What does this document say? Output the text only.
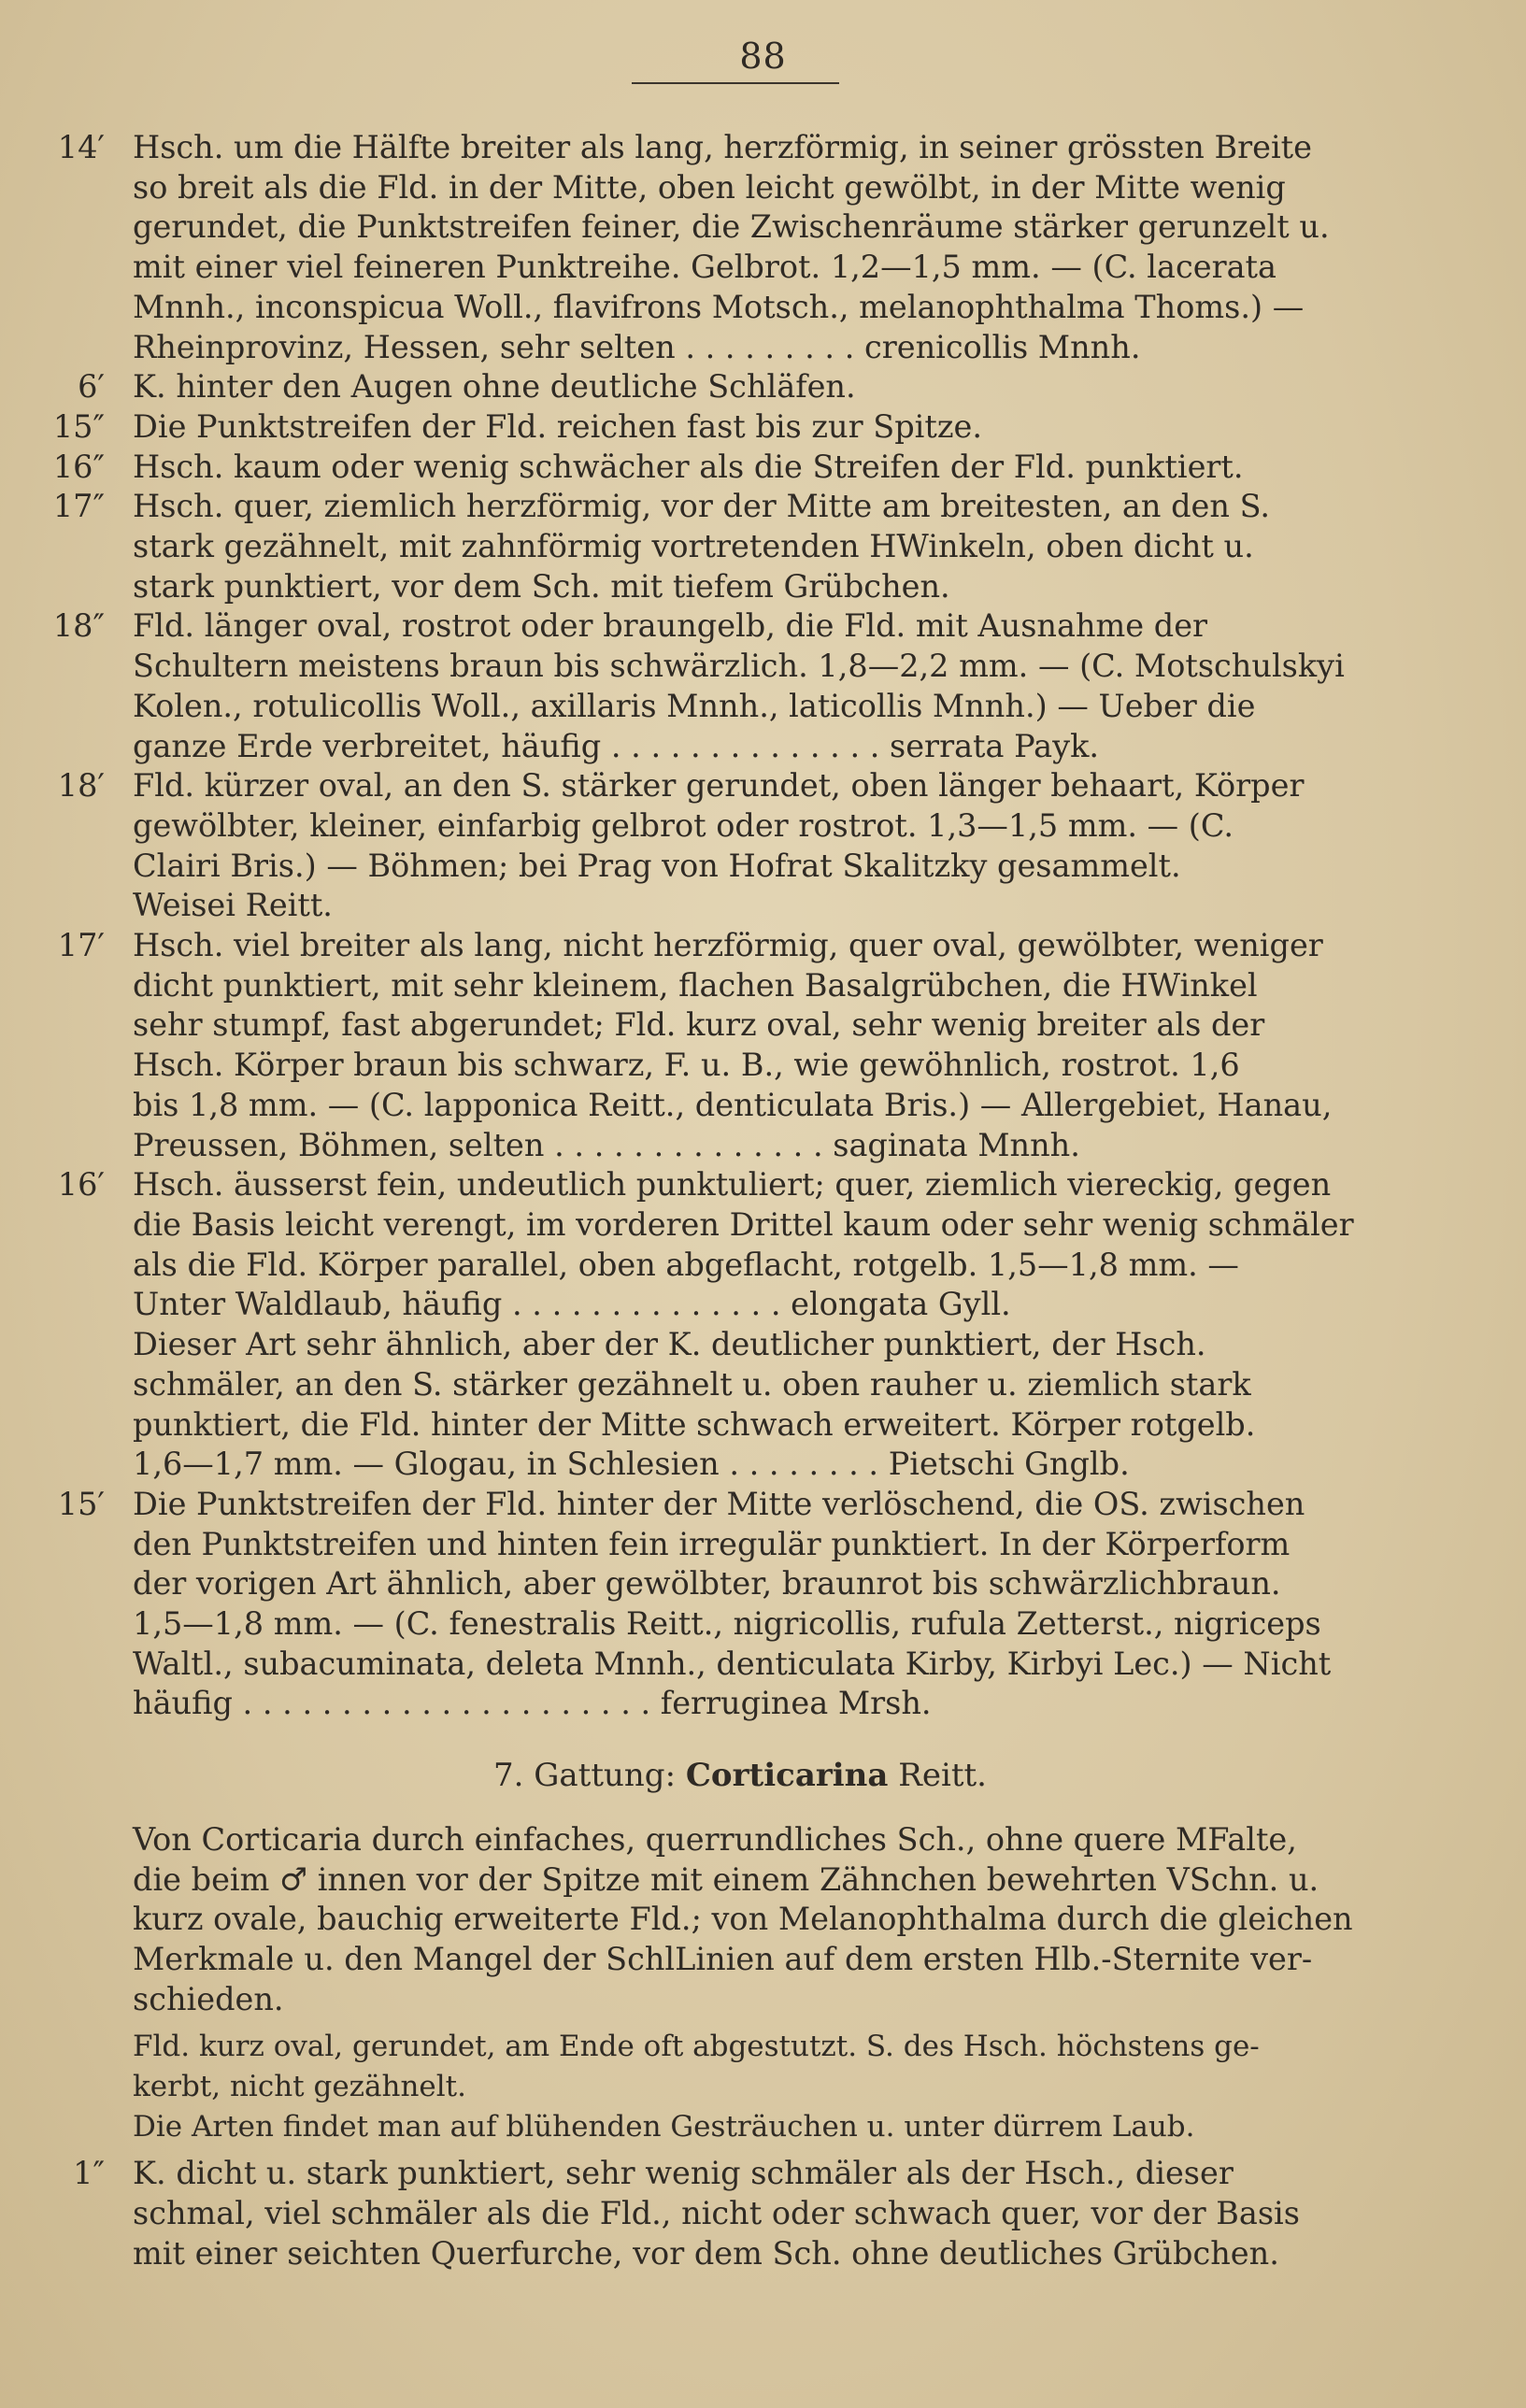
88
14′ Hsch. um die Hälfte breiter als lang, herzförmig, in seiner grössten Breite
so breit als die Fld. in der Mitte, oben leicht gewölbt, in der Mitte wenig
gerundet, die Punktstreifen feiner, die Zwischenräume stärker gerunzelt u.
mit einer viel feineren Punktreihe. Gelbrot. 1,2—1,5 mm. — (C. lacerata
Mnnh., inconspicua Woll., flavifrons Motsch., melanophthalma Thoms.) —
Rheinprovinz, Hessen, sehr selten . . . . . . . . . crenicollis Mnnh.
6′ K. hinter den Augen ohne deutliche Schläfen.
15″ Die Punktstreifen der Fld. reichen fast bis zur Spitze.
16″ Hsch. kaum oder wenig schwächer als die Streifen der Fld. punktiert.
17″ Hsch. quer, ziemlich herzförmig, vor der Mitte am breitesten, an den S.
stark gezähnelt, mit zahnförmig vortretenden HWinkeln, oben dicht u.
stark punktiert, vor dem Sch. mit tiefem Grübchen.
18″ Fld. länger oval, rostrot oder braungelb, die Fld. mit Ausnahme der
Schultern meistens braun bis schwärzlich. 1,8—2,2 mm. — (C. Motschulskyi
Kolen., rotulicollis Woll., axillaris Mnnh., laticollis Mnnh.) — Ueber die
ganze Erde verbreitet, häufig . . . . . . . . . . . . . . serrata Payk.
18′ Fld. kürzer oval, an den S. stärker gerundet, oben länger behaart, Körper
gewölbter, kleiner, einfarbig gelbrot oder rostrot. 1,3—1,5 mm. — (C.
Clairi Bris.) — Böhmen; bei Prag von Hofrat Skalitzky gesammelt.
Weisei Reitt.
17′ Hsch. viel breiter als lang, nicht herzförmig, quer oval, gewölbter, weniger
dicht punktiert, mit sehr kleinem, flachen Basalgrübchen, die HWinkel
sehr stumpf, fast abgerundet; Fld. kurz oval, sehr wenig breiter als der
Hsch. Körper braun bis schwarz, F. u. B., wie gewöhnlich, rostrot. 1,6
bis 1,8 mm. — (C. lapponica Reitt., denticulata Bris.) — Allergebiet, Hanau,
Preussen, Böhmen, selten . . . . . . . . . . . . . . saginata Mnnh.
16′ Hsch. äusserst fein, undeutlich punktuliert; quer, ziemlich viereckig, gegen
die Basis leicht verengt, im vorderen Drittel kaum oder sehr wenig schmäler
als die Fld. Körper parallel, oben abgeflacht, rotgelb. 1,5—1,8 mm. —
Unter Waldlaub, häufig . . . . . . . . . . . . . . elongata Gyll.
Dieser Art sehr ähnlich, aber der K. deutlicher punktiert, der Hsch.
schmäler, an den S. stärker gezähnelt u. oben rauher u. ziemlich stark
punktiert, die Fld. hinter der Mitte schwach erweitert. Körper rotgelb.
1,6—1,7 mm. — Glogau, in Schlesien . . . . . . . . Pietschi Gnglb.
15′ Die Punktstreifen der Fld. hinter der Mitte verlöschend, die OS. zwischen
den Punktstreifen und hinten fein irregulär punktiert. In der Körperform
der vorigen Art ähnlich, aber gewölbter, braunrot bis schwärzlichbraun.
1,5—1,8 mm. — (C. fenestralis Reitt., nigricollis, rufula Zetterst., nigriceps
Waltl., subacuminata, deleta Mnnh., denticulata Kirby, Kirbyi Lec.) — Nicht
häufig . . . . . . . . . . . . . . . . . . . . . ferruginea Mrsh.
7. Gattung: Corticarina Reitt.
Von Corticaria durch einfaches, querrundliches Sch., ohne quere MFalte,
die beim ♂ innen vor der Spitze mit einem Zähnchen bewehrten VSchn. u.
kurz ovale, bauchig erweiterte Fld.; von Melanophthalma durch die gleichen
Merkmale u. den Mangel der SchlLinien auf dem ersten Hlb.-Sternite ver-
schieden.
Fld. kurz oval, gerundet, am Ende oft abgestutzt. S. des Hsch. höchstens ge-
kerbt, nicht gezähnelt.
Die Arten findet man auf blühenden Gesträuchen u. unter dürrem Laub.
1″ K. dicht u. stark punktiert, sehr wenig schmäler als der Hsch., dieser
schmal, viel schmäler als die Fld., nicht oder schwach quer, vor der Basis
mit einer seichten Querfurche, vor dem Sch. ohne deutliches Grübchen.
